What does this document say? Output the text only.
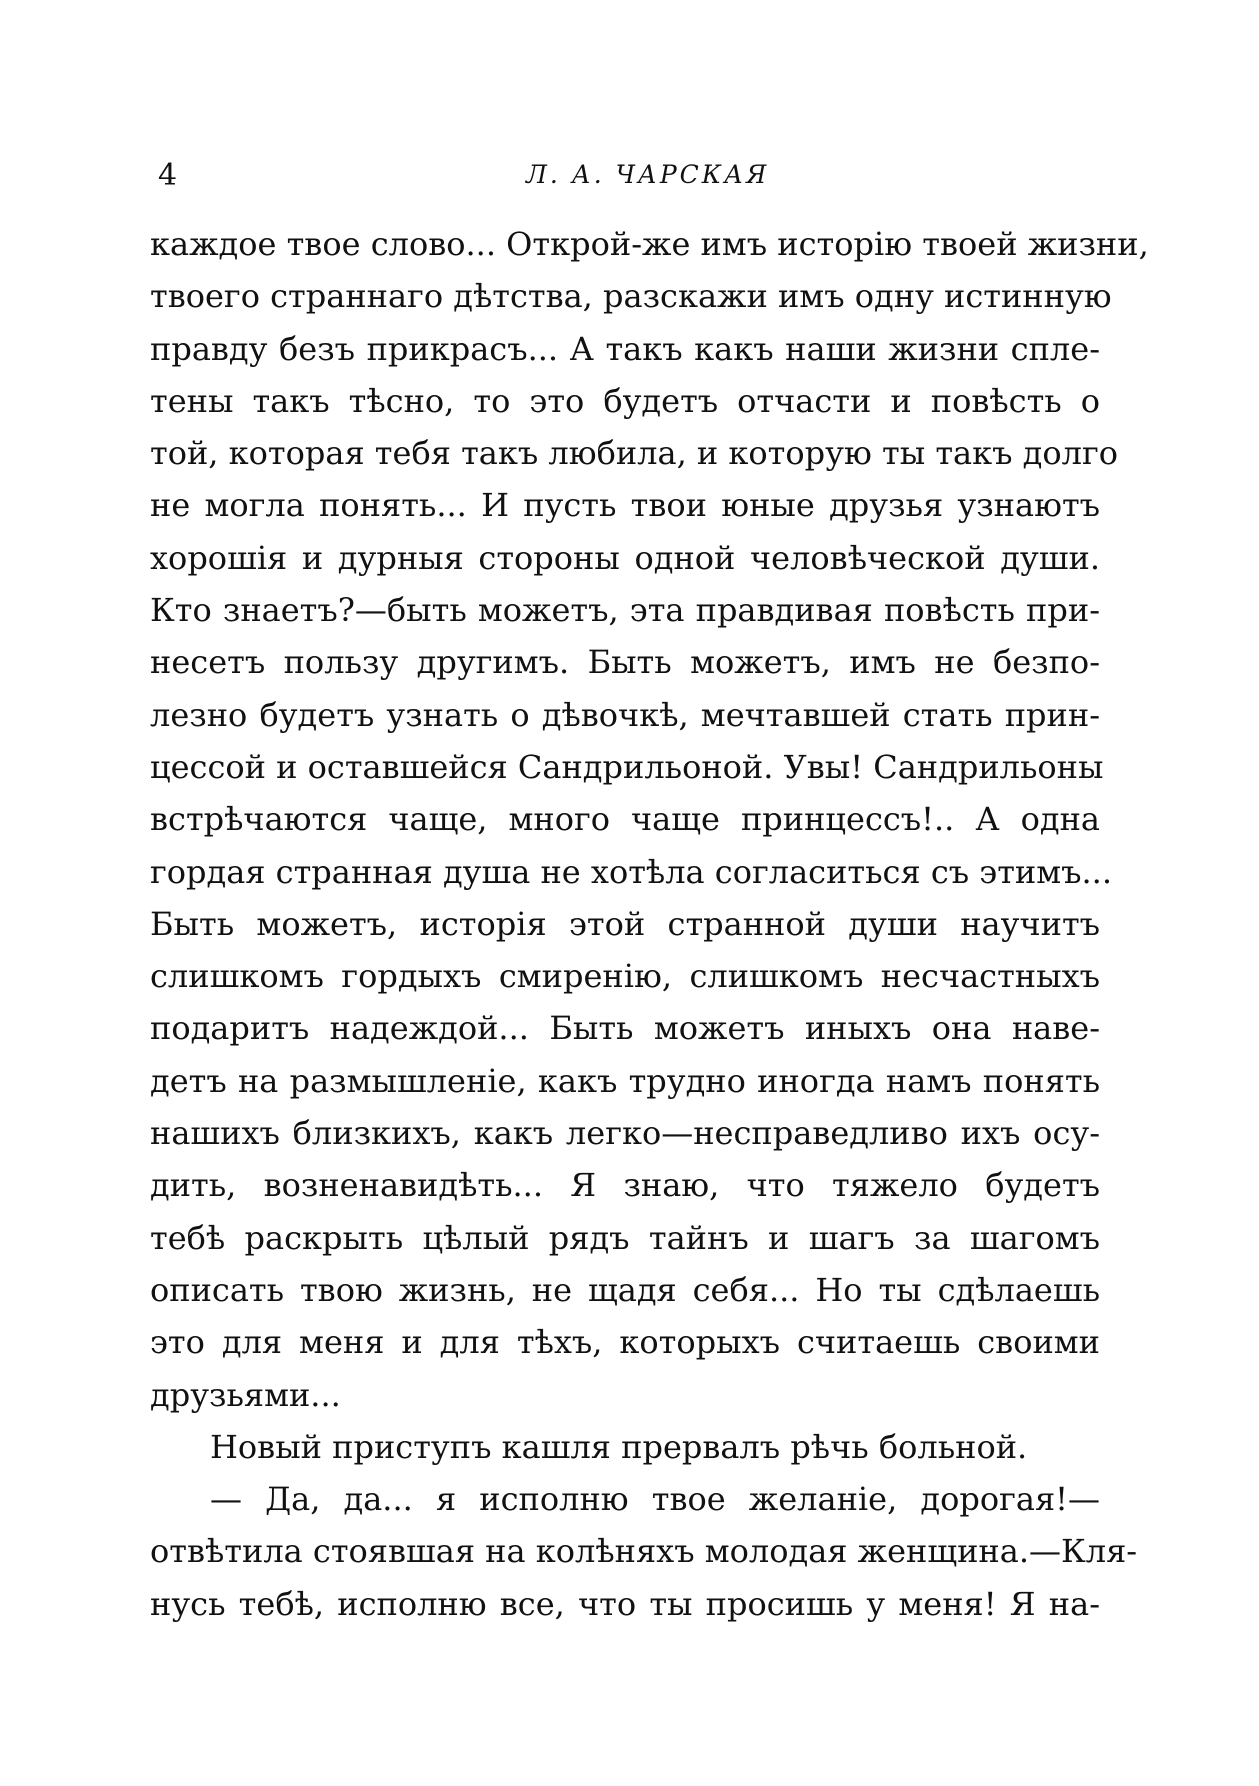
4	Л. А. ЧАРСКАЯ
каждое твое слово... Открой-же имъ исторію твоей жизни,
твоего страннаго дѣтства, разскажи имъ одну истинную
правду безъ прикрасъ... А такъ какъ наши жизни сплe-
тены такъ тѣсно, то это будетъ отчасти и повѣсть о
той, которая тебя такъ любила, и которую ты такъ долго
не могла понять... И пусть твои юные друзья узнаютъ
хорошія и дурныя стороны одной человѣческой души.
Кто знаетъ?—быть можетъ, эта правдивая повѣсть при-
несетъ пользу другимъ. Быть можетъ, имъ не безпо-
лезно будетъ узнать о дѣвочкѣ, мечтавшей стать прин-
цессой и оставшейся Сандрильоной. Увы! Сандрильоны
встрѣчаются чаще, много чаще принцессъ!.. А одна
гордая странная душа не хотѣла согласиться съ этимъ...
Быть можетъ, исторія этой странной души научитъ
слишкомъ гордыхъ смиренію, слишкомъ несчастныхъ
подаритъ надеждой... Быть можетъ иныхъ она наве-
детъ на размышленіе, какъ трудно иногда намъ понять
нашихъ близкихъ, какъ легко—несправедливо ихъ осу-
дить, возненавидѣть... Я знаю, что тяжело будетъ
тебѣ раскрыть цѣлый рядъ тайнъ и шагъ за шагомъ
описать твою жизнь, не щадя себя... Но ты сдѣлаешь
это для меня и для тѣхъ, которыхъ считаешь своими
друзьями...
Новый приступъ кашля прервалъ рѣчь больной.
— Да, да... я исполню твое желаніе, дорогая!—
отвѣтила стоявшая на колѣняхъ молодая женщина.—Кля-
нусь тебѣ, исполню все, что ты просишь у меня! Я на-
